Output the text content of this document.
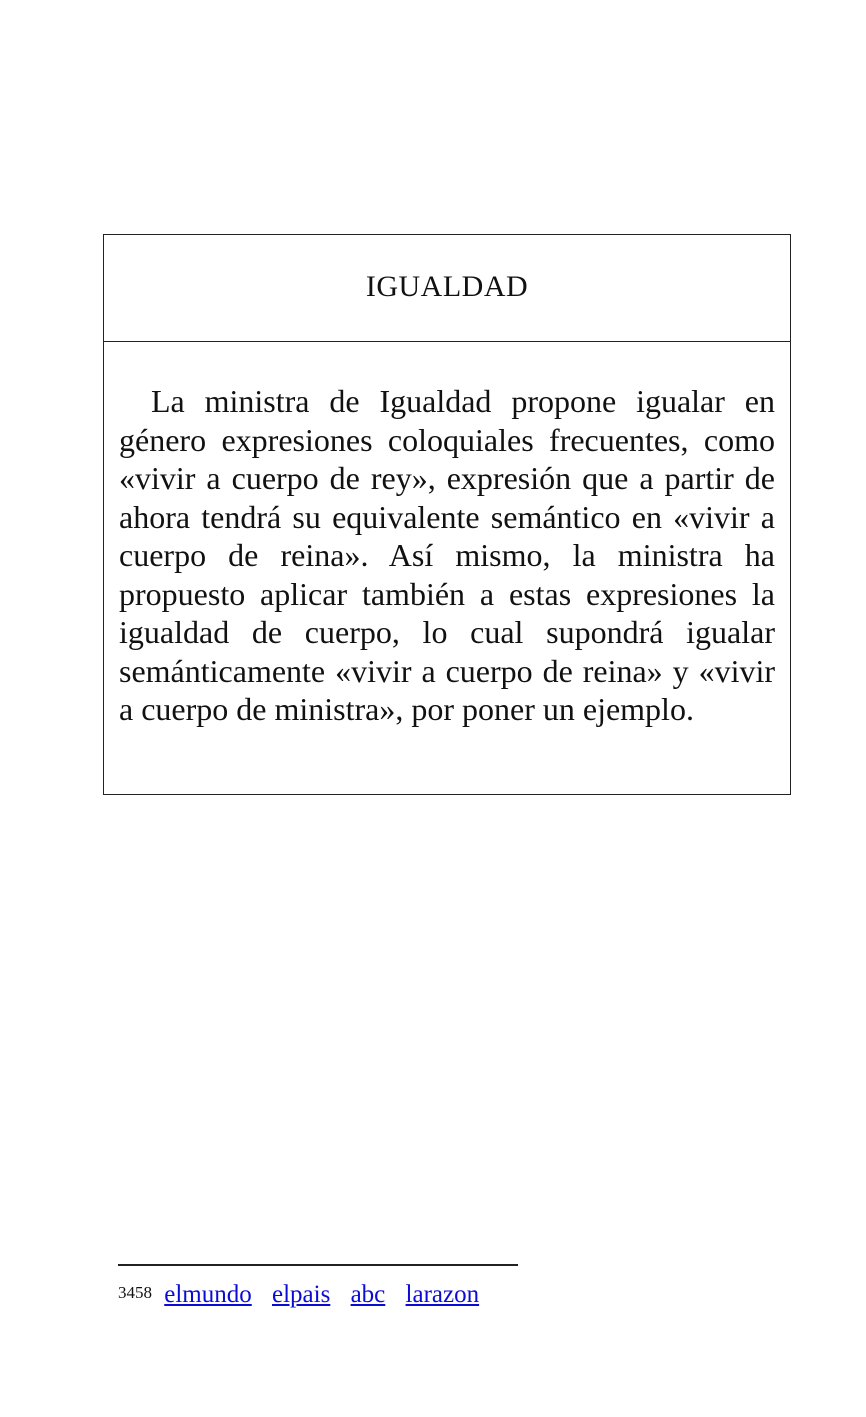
IGUALDAD

La ministra de Igualdad propone igualar en género expresiones coloquiales frecuentes, como «vivir a cuerpo de rey», expresión que a partir de ahora tendrá su equivalente semántico en «vivir a cuerpo de reina». Así mismo, la ministra ha propuesto aplicar también a estas expresiones la igualdad de cuerpo, lo cual supondrá igualar semánticamente «vivir a cuerpo de reina» y «vivir a cuerpo de ministra», por poner un ejemplo.

$^{3458}$ elmundo elpais abc larazon
